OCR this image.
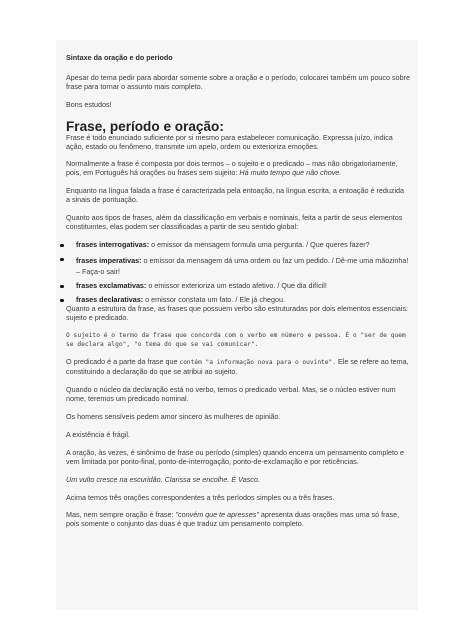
Sintaxe da oração e do período

Apesar do tema pedir para abordar somente sobre a oração e o período, colocarei também um pouco sobre frase para tornar o assunto mais completo.

Bons estudos!

Frase, período e oração:

Frase é todo enunciado suficiente por si mesmo para estabelecer comunicação. Expressa juízo, indica ação, estado ou fenômeno, transmite um apelo, ordem ou exterioriza emoções.

Normalmente a frase é composta por dois termos – o sujeito e o predicado – mas não obrigatoriamente, pois, em Português há orações ou frases sem sujeito: Há muito tempo que não chove.

Enquanto na língua falada a frase é caracterizada pela entoação, na língua escrita, a entoação é reduzida a sinais de pontuação.

Quanto aos tipos de frases, além da classificação em verbais e nominais, feita a partir de seus elementos constituintes, elas podem ser classificadas a partir de seu sentido global:

frases interrogativas: o emissor da mensagem formula uma pergunta. / Que queres fazer?
frases imperativas: o emissor da mensagem dá uma ordem ou faz um pedido. / Dê-me uma mãozinha! – Faça-o sair!
frases exclamativas: o emissor exterioriza um estado afetivo. / Que dia difícil!
frases declarativas: o emissor constata um fato. / Ele já chegou.

Quanto a estrutura da frase, as frases que possuem verbo são estruturadas por dois elementos essenciais: sujeito e predicado.

O sujeito é o termo da frase que concorda com o verbo em número e pessoa. É o "ser de quem se declara algo", "o tema do que se vai comunicar".

O predicado é a parte da frase que contém "a informação nova para o ouvinte". Ele se refere ao tema, constituindo a declaração do que se atribui ao sujeito.

Quando o núcleo da declaração está no verbo, temos o predicado verbal. Mas, se o núcleo estiver num nome, teremos um predicado nominal.

Os homens sensíveis pedem amor sincero às mulheres de opinião.

A existência é frágil.

A oração, às vezes, é sinônimo de frase ou período (simples) quando encerra um pensamento completo e vem limitada por ponto-final, ponto-de-interrogação, ponto-de-exclamação e por reticências.

Um vulto cresce na escuridão. Clarissa se encolhe. É Vasco.

Acima temos três orações correspondentes a três períodos simples ou a três frases.

Mas, nem sempre oração é frase: "convém que te apresses" apresenta duas orações mas uma só frase, pois somente o conjunto das duas é que traduz um pensamento completo.
